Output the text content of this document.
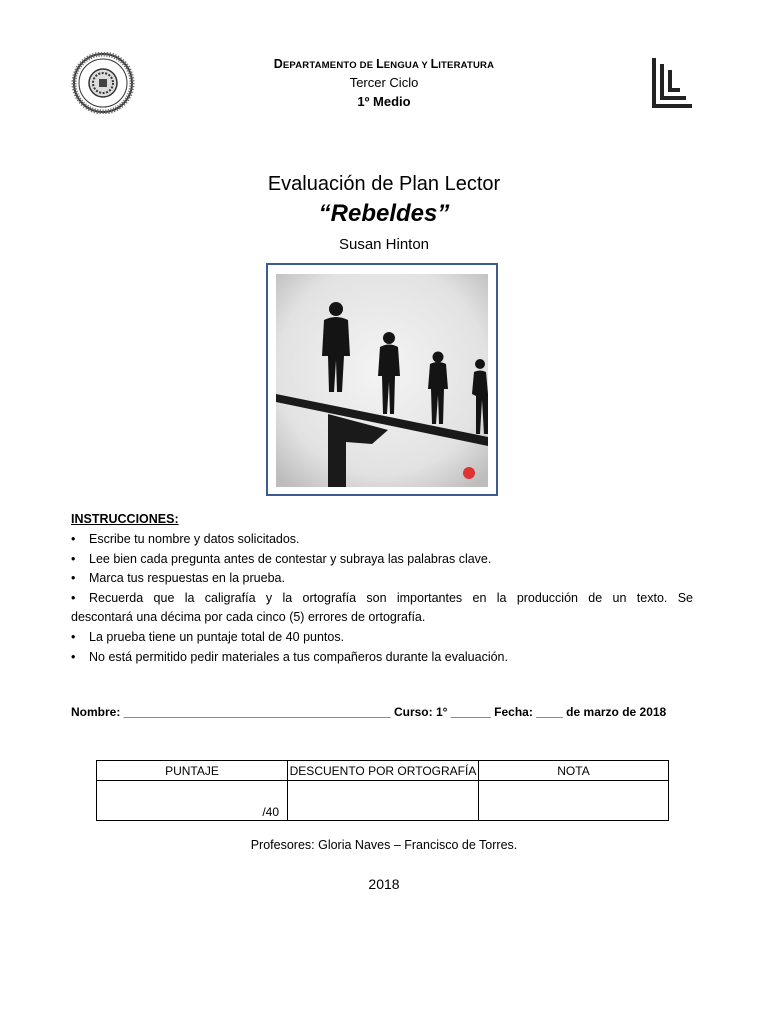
DEPARTAMENTO DE LENGUA Y LITERATURA
Tercer Ciclo
1º Medio
Evaluación de Plan Lector
“Rebeldes”
Susan Hinton
INSTRUCCIONES:
• Escribe tu nombre y datos solicitados.
• Lee bien cada pregunta antes de contestar y subraya las palabras clave.
• Marca tus respuestas en la prueba.
• Recuerda que la caligrafía y la ortografía son importantes en la producción de un texto. Se
descontará una décima por cada cinco (5) errores de ortografía.
• La prueba tiene un puntaje total de 40 puntos.
• No está permitido pedir materiales a tus compañeros durante la evaluación.
Nombre: ________________________________________ Curso: 1° ______ Fecha: ____ de marzo de 2018
PUNTAJE	DESCUENTO POR ORTOGRAFÍA	NOTA
/40		
Profesores: Gloria Naves – Francisco de Torres.
2018
